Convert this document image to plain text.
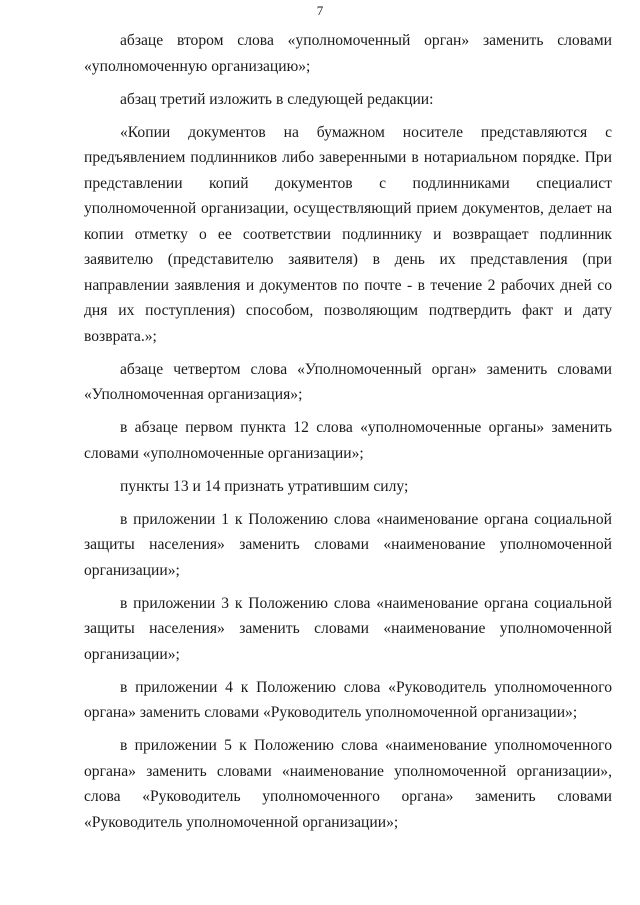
7

абзаце втором слова «уполномоченный орган» заменить словами «уполномоченную организацию»;

абзац третий изложить в следующей редакции:

«Копии документов на бумажном носителе представляются с предъявлением подлинников либо заверенными в нотариальном порядке. При представлении копий документов с подлинниками специалист уполномоченной организации, осуществляющий прием документов, делает на копии отметку о ее соответствии подлиннику и возвращает подлинник заявителю (представителю заявителя) в день их представления (при направлении заявления и документов по почте - в течение 2 рабочих дней со дня их поступления) способом, позволяющим подтвердить факт и дату возврата.»;

абзаце четвертом слова «Уполномоченный орган» заменить словами «Уполномоченная организация»;

в абзаце первом пункта 12 слова «уполномоченные органы» заменить словами «уполномоченные организации»;

пункты 13 и 14 признать утратившим силу;

в приложении 1 к Положению слова «наименование органа социальной защиты населения» заменить словами «наименование уполномоченной организации»;

в приложении 3 к Положению слова «наименование органа социальной защиты населения» заменить словами «наименование уполномоченной организации»;

в приложении 4 к Положению слова «Руководитель уполномоченного органа» заменить словами «Руководитель уполномоченной организации»;

в приложении 5 к Положению слова «наименование уполномоченного органа» заменить словами «наименование уполномоченной организации», слова «Руководитель уполномоченного органа» заменить словами «Руководитель уполномоченной организации»;
